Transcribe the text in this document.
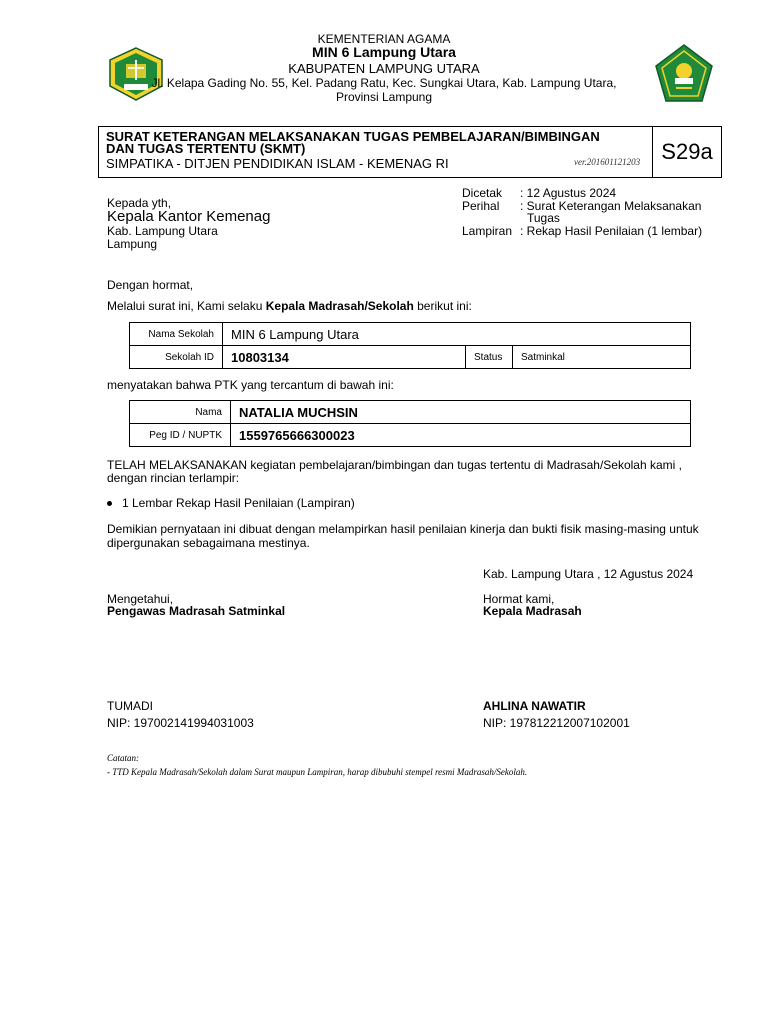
KEMENTERIAN AGAMA
MIN 6 Lampung Utara
KABUPATEN LAMPUNG UTARA
Jl. Kelapa Gading No. 55, Kel. Padang Ratu, Kec. Sungkai Utara, Kab. Lampung Utara,
Provinsi Lampung
SURAT KETERANGAN MELAKSANAKAN TUGAS PEMBELAJARAN/BIMBINGAN
DAN TUGAS TERTENTU (SKMT)
SIMPATIKA - DITJEN PENDIDIKAN ISLAM - KEMENAG RI	ver.201601121203 S29a
Kepada yth,
Kepala Kantor Kemenag
Kab. Lampung Utara
Lampung
Dicetak : 12 Agustus 2024
Perihal : Surat Keterangan Melaksanakan
Tugas
Lampiran : Rekap Hasil Penilaian (1 lembar)
Dengan hormat,
Melalui surat ini, Kami selaku Kepala Madrasah/Sekolah berikut ini:
Nama Sekolah	MIN 6 Lampung Utara		
Sekolah ID	10803134	Status	Satminkal
menyatakan bahwa PTK yang tercantum di bawah ini:
Nama	NATALIA MUCHSIN
Peg ID / NUPTK	1559765666300023
TELAH MELAKSANAKAN kegiatan pembelajaran/bimbingan dan tugas tertentu di Madrasah/Sekolah kami ,
dengan rincian terlampir:
1 Lembar Rekap Hasil Penilaian (Lampiran)
Demikian pernyataan ini dibuat dengan melampirkan hasil penilaian kinerja dan bukti fisik masing-masing untuk
dipergunakan sebagaimana mestinya.
Kab. Lampung Utara , 12 Agustus 2024
Mengetahui,
Pengawas Madrasah Satminkal
TUMADI
NIP: 197002141994031003
Hormat kami,
Kepala Madrasah
AHLINA NAWATIR
NIP: 197812212007102001
Catatan:
- TTD Kepala Madrasah/Sekolah dalam Surat maupun Lampiran, harap dibubuhi stempel resmi Madrasah/Sekolah.
